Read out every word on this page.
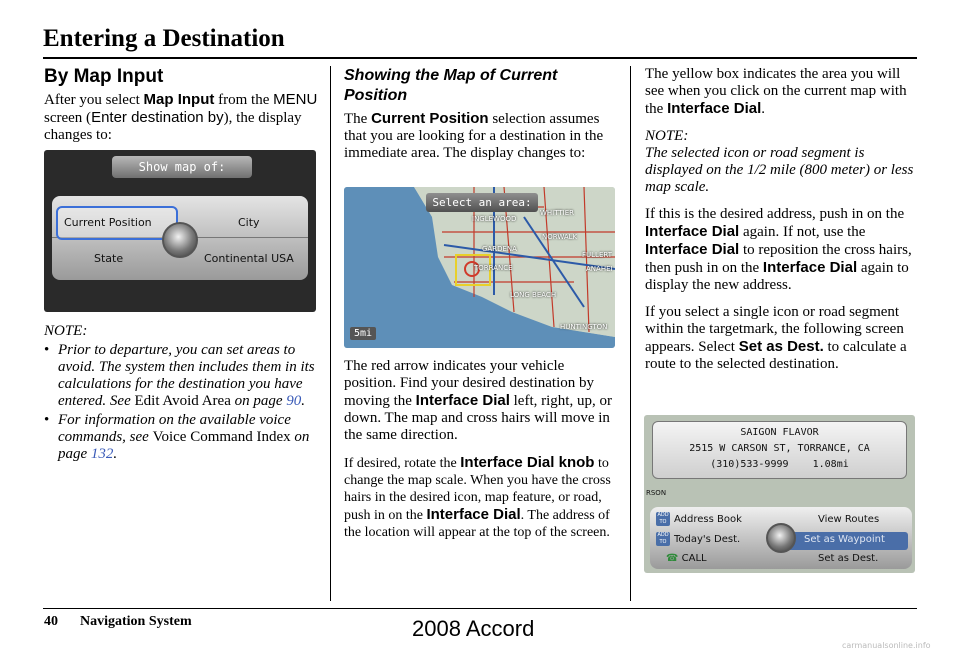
Entering a Destination
By Map Input

After you select Map Input from the MENU screen (Enter destination by), the display changes to:

Show map of:
Current Position	City
State	Continental USA

NOTE:

• Prior to departure, you can set areas to avoid. The system then includes them in its calculations for the destination you have entered. See Edit Avoid Area on page 90.
• For information on the available voice commands, see Voice Command Index on page 132.
Showing the Map of Current Position

The Current Position selection assumes that you are looking for a destination in the immediate area. The display changes to:

Select an area:
INGLEWOOD
WHITTIER
GARDENA
NORWALK
TORRANCE
FULLERT
ANAHEI
LONG BEACH
HUNTINGTON
5mi

The red arrow indicates your vehicle position. Find your desired destination by moving the Interface Dial left, right, up, or down. The map and cross hairs will move in the same direction.

If desired, rotate the Interface Dial knob to change the map scale. When you have the cross hairs in the desired icon, map feature, or road, push in on the Interface Dial. The address of the location will appear at the top of the screen.

The yellow box indicates the area you will see when you click on the current map with the Interface Dial.

NOTE:

The selected icon or road segment is displayed on the 1/2 mile (800 meter) or less map scale.

If this is the desired address, push in on the Interface Dial again. If not, use the Interface Dial to reposition the cross hairs, then push in on the Interface Dial again to display the new address.

If you select a single icon or road segment within the targetmark, the following screen appears. Select Set as Dest. to calculate a route to the selected destination.

SAIGON FLAVOR
2515 W CARSON ST, TORRANCE, CA
(310)533-9999 1.08mi
RSON
ADD TO
ADD TO
Address Book	View Routes
Today's Dest.	Set as Waypoint
☎ CALL	Set as Dest.
40 Navigation System	2008 Accord
carmanualsonline.info
